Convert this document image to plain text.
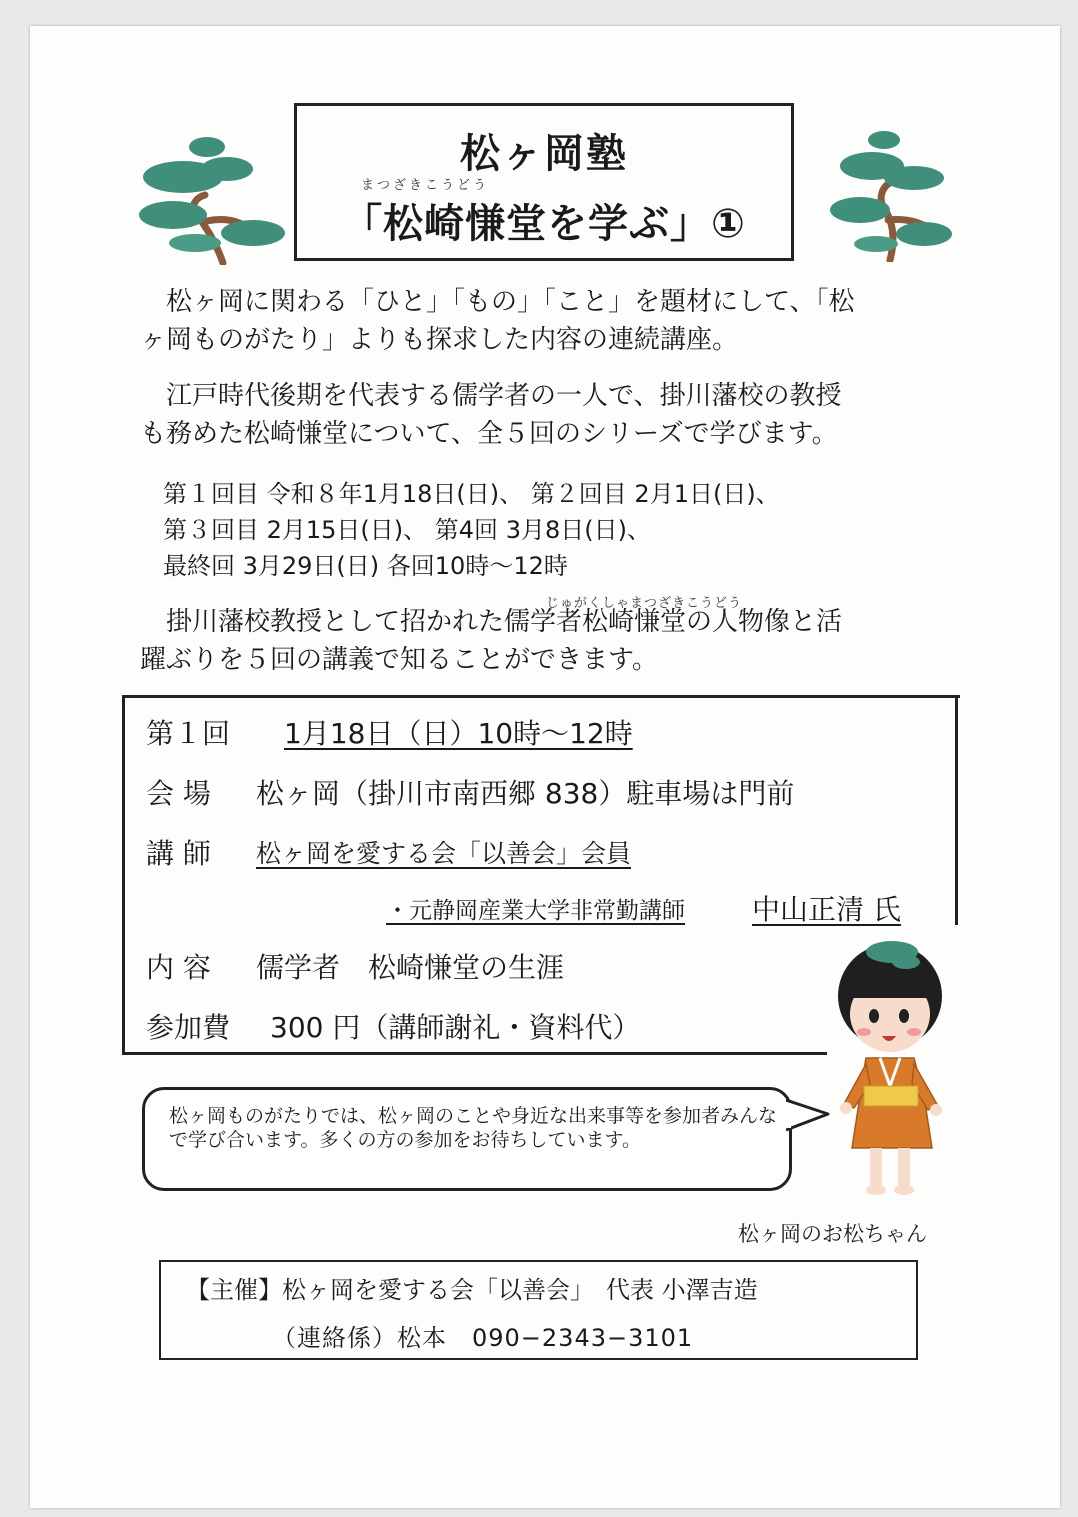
松ヶ岡塾
まつざきこうどう
「松崎慊堂を学ぶ」①
　松ヶ岡に関わる「ひと」「もの」「こと」を題材にして、「松
ヶ岡ものがたり」よりも探求した内容の連続講座。
　江戸時代後期を代表する儒学者の一人で、掛川藩校の教授
も務めた松崎慊堂について、全５回のシリーズで学びます。
第１回目 令和８年1月18日(日)、 第２回目 2月1日(日)、
第３回目 2月15日(日)、 第4回 3月8日(日)、
最終回 3月29日(日) 各回10時〜12時
じゅがくしゃまつざきこうどう
　掛川藩校教授として招かれた儒学者松崎慊堂の人物像と活
躍ぶりを５回の講義で知ることができます。
第１回 1月18日（日）10時〜12時
会 場 松ヶ岡（掛川市南西郷 838）駐車場は門前
講 師 松ヶ岡を愛する会「以善会」会員
・元静岡産業大学非常勤講師 中山正清 氏
内 容 儒学者　松崎慊堂の生涯
参加費 300 円（講師謝礼・資料代）
松ヶ岡ものがたりでは、松ヶ岡のことや身近な出来事等を参加者みんなで学び合います。多くの方の参加をお待ちしています。
松ヶ岡のお松ちゃん
【主催】松ヶ岡を愛する会「以善会」　代表 小澤吉造
（連絡係）松本　090−2343−3101
